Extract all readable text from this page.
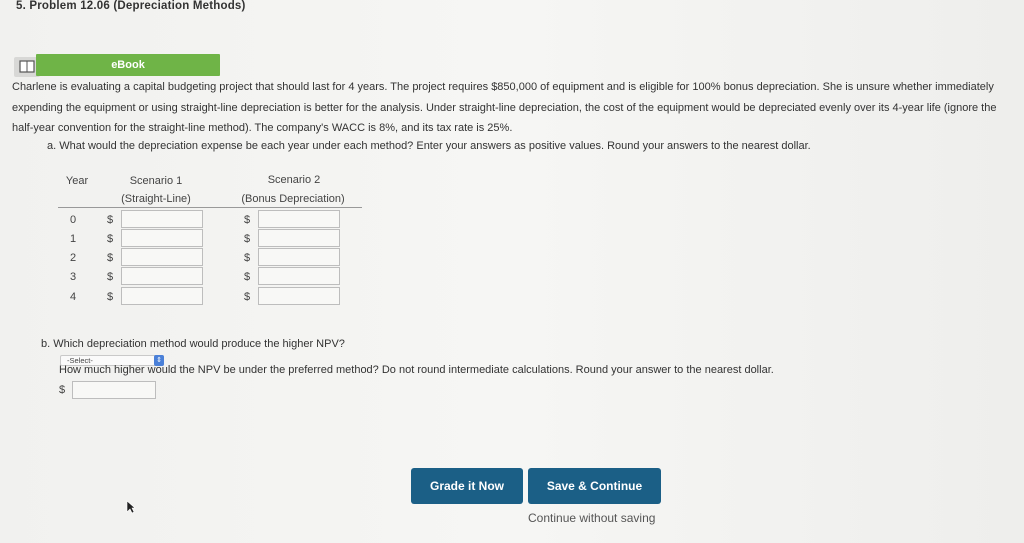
5. Problem 12.06 (Depreciation Methods)
eBook
Charlene is evaluating a capital budgeting project that should last for 4 years. The project requires $850,000 of equipment and is eligible for 100% bonus depreciation. She is unsure whether immediately expending the equipment or using straight-line depreciation is better for the analysis. Under straight-line depreciation, the cost of the equipment would be depreciated evenly over its 4-year life (ignore the half-year convention for the straight-line method). The company's WACC is 8%, and its tax rate is 25%.
a. What would the depreciation expense be each year under each method? Enter your answers as positive values. Round your answers to the nearest dollar.
Year	Scenario 1
(Straight-Line)
Scenario 2
(Bonus Depreciation)
0	$	$
1	$	$
2	$	$
3	$	$
4	$	$
b. Which depreciation method would produce the higher NPV?
-Select-	⇕
How much higher would the NPV be under the preferred method? Do not round intermediate calculations. Round your answer to the nearest dollar.
$
Grade it Now	Save & Continue
Continue without saving
